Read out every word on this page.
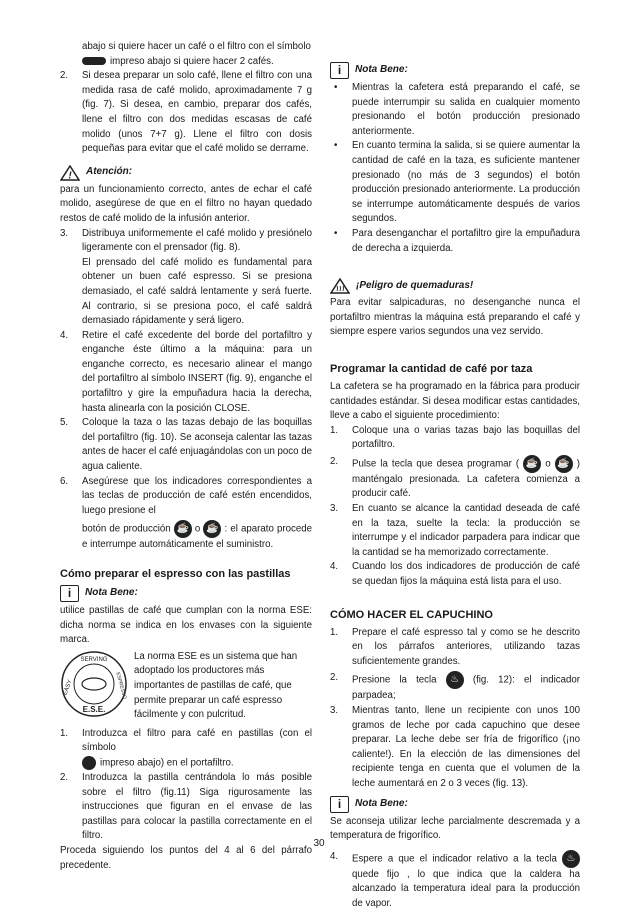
abajo si quiere hacer un café o el filtro con el símbolo
impreso abajo si quiere hacer 2 cafés.

2. Si desea preparar un solo café, llene el filtro con una medida rasa de café molido, aproximadamente 7 g (fig. 7). Si desea, en cambio, preparar dos cafés, llene el filtro con dos medidas escasas de café molido (unos 7+7 g). Llene el filtro con dosis pequeñas para evitar que el café molido se derrame.

! Atención:

para un funcionamiento correcto, antes de echar el café molido, asegúrese de que en el filtro no hayan quedado restos de café molido de la infusión anterior.

3. Distribuya uniformemente el café molido y presiónelo ligeramente con el prensador (fig. 8).

El prensado del café molido es fundamental para obtener un buen café espresso. Si se presiona demasiado, el café saldrá lentamente y será fuerte. Al contrario, si se presiona poco, el café saldrá demasiado rápidamente y será ligero.

4. Retire el café excedente del borde del portafiltro y enganche éste último a la máquina: para un enganche correcto, es necesario alinear el mango del portafiltro al símbolo INSERT (fig. 9), enganche el portafiltro y gire la empuñadura hacia la derecha, hasta alinearla con la posición CLOSE.

5. Coloque la taza o las tazas debajo de las boquillas del portafiltro (fig. 10). Se aconseja calentar las tazas antes de hacer el café enjuagándolas con un poco de agua caliente.

6. Asegúrese que los indicadores correspondientes a las teclas de producción de café estén encendidos, luego presione el

botón de producción ☕ o ☕ : el aparato procede e interrumpe automáticamente el suministro.

Cómo preparar el espresso con las pastillas
i	Nota Bene:

utilice pastillas de café que cumplan con la norma ESE: dicha norma se indica en los envases con la siguiente marca.

SERVING
EASY	ESPRESSO
E.S.E.
La norma ESE es un sistema que han adoptado los productores más importantes de pastillas de café, que permite preparar un café espresso fácilmente y con pulcritud.

1. Introduzca el filtro para café en pastillas (con el símbolo

impreso abajo) en el portafiltro.

2. Introduzca la pastilla centrándola lo más posible sobre el filtro (fig.11) Siga rigurosamente las instrucciones que figuran en el envase de las pastillas para colocar la pastilla correctamente en el filtro.

Proceda siguiendo los puntos del 4 al 6 del párrafo precedente.

i	Nota Bene:

• Mientras la cafetera está preparando el café, se puede interrumpir su salida en cualquier momento presionando el botón producción presionado anteriormente.

• En cuanto termina la salida, si se quiere aumentar la cantidad de café en la taza, es suficiente mantener presionado (no más de 3 segundos) el botón producción presionado anteriormente. La producción se interrumpe automáticamente después de varios segundos.

• Para desenganchar el portafiltro gire la empuñadura de derecha a izquierda.

¡Peligro de quemaduras!

Para evitar salpicaduras, no desenganche nunca el portafiltro mientras la máquina está preparando el café y siempre espere varios segundos una vez servido.

Programar la cantidad de café por taza

La cafetera se ha programado en la fábrica para producir cantidades estándar. Si desea modificar estas cantidades, lleve a cabo el siguiente procedimiento:

1. Coloque una o varias tazas bajo las boquillas del portafiltro.

2. Pulse la tecla que desea programar ( ☕ o ☕ ) manténgalo presionada. La cafetera comienza a producir café.

3. En cuanto se alcance la cantidad deseada de café en la taza, suelte la tecla: la producción se interrumpe y el indicador parpadera para indicar que la cantidad se ha memorizado correctamente.

4. Cuando los dos indicadores de producción de café se quedan fijos la máquina está lista para el uso.

CÓMO HACER EL CAPUCHINO

1. Prepare el café espresso tal y como se he descrito en los párrafos anteriores, utilizando tazas suficientemente grandes.

2. Presione la tecla ♨ (fig. 12): el indicador parpadea;

3. Mientras tanto, llene un recipiente con unos 100 gramos de leche por cada capuchino que desee preparar. La leche debe ser fría de frigorífico (¡no caliente!). En la elección de las dimensiones del recipiente tenga en cuenta que el volumen de la leche aumentará en 2 o 3 veces (fig. 13).

i	Nota Bene:

Se aconseja utilizar leche parcialmente descremada y a temperatura de frigorífico.

4. Espere a que el indicador relativo a la tecla ♨ quede fijo , lo que indica que la caldera ha alcanzado la temperatura ideal para la producción de vapor.

30
